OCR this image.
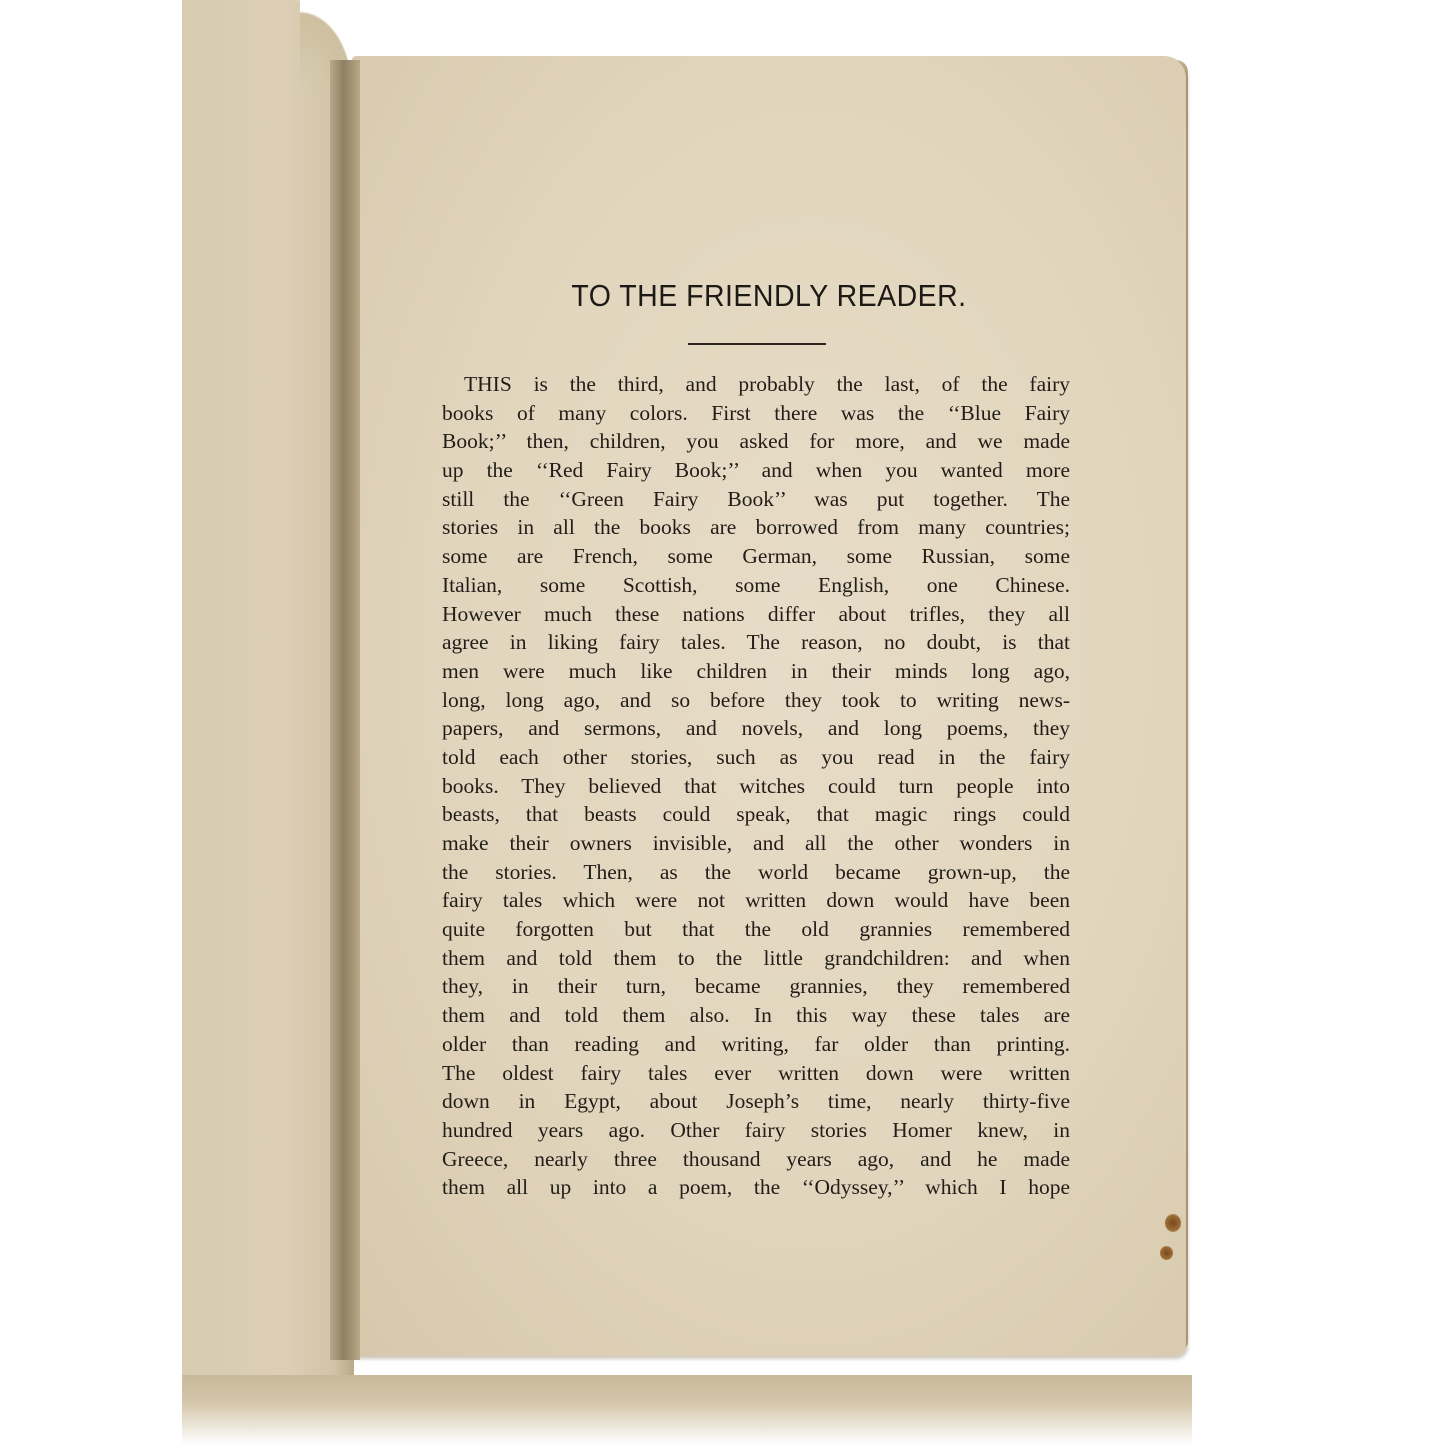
TO THE FRIENDLY READER.
THIS is the third, and probably the last, of the fairy
books of many colors. First there was the ‘‘Blue Fairy
Book;’’ then, children, you asked for more, and we made
up the ‘‘Red Fairy Book;’’ and when you wanted more
still the ‘‘Green Fairy Book’’ was put together. The
stories in all the books are borrowed from many countries;
some are French, some German, some Russian, some
Italian, some Scottish, some English, one Chinese.
However much these nations differ about trifles, they all
agree in liking fairy tales. The reason, no doubt, is that
men were much like children in their minds long ago,
long, long ago, and so before they took to writing news-
papers, and sermons, and novels, and long poems, they
told each other stories, such as you read in the fairy
books. They believed that witches could turn people into
beasts, that beasts could speak, that magic rings could
make their owners invisible, and all the other wonders in
the stories. Then, as the world became grown-up, the
fairy tales which were not written down would have been
quite forgotten but that the old grannies remembered
them and told them to the little grandchildren: and when
they, in their turn, became grannies, they remembered
them and told them also. In this way these tales are
older than reading and writing, far older than printing.
The oldest fairy tales ever written down were written
down in Egypt, about Joseph’s time, nearly thirty-five
hundred years ago. Other fairy stories Homer knew, in
Greece, nearly three thousand years ago, and he made
them all up into a poem, the ‘‘Odyssey,’’ which I hope
